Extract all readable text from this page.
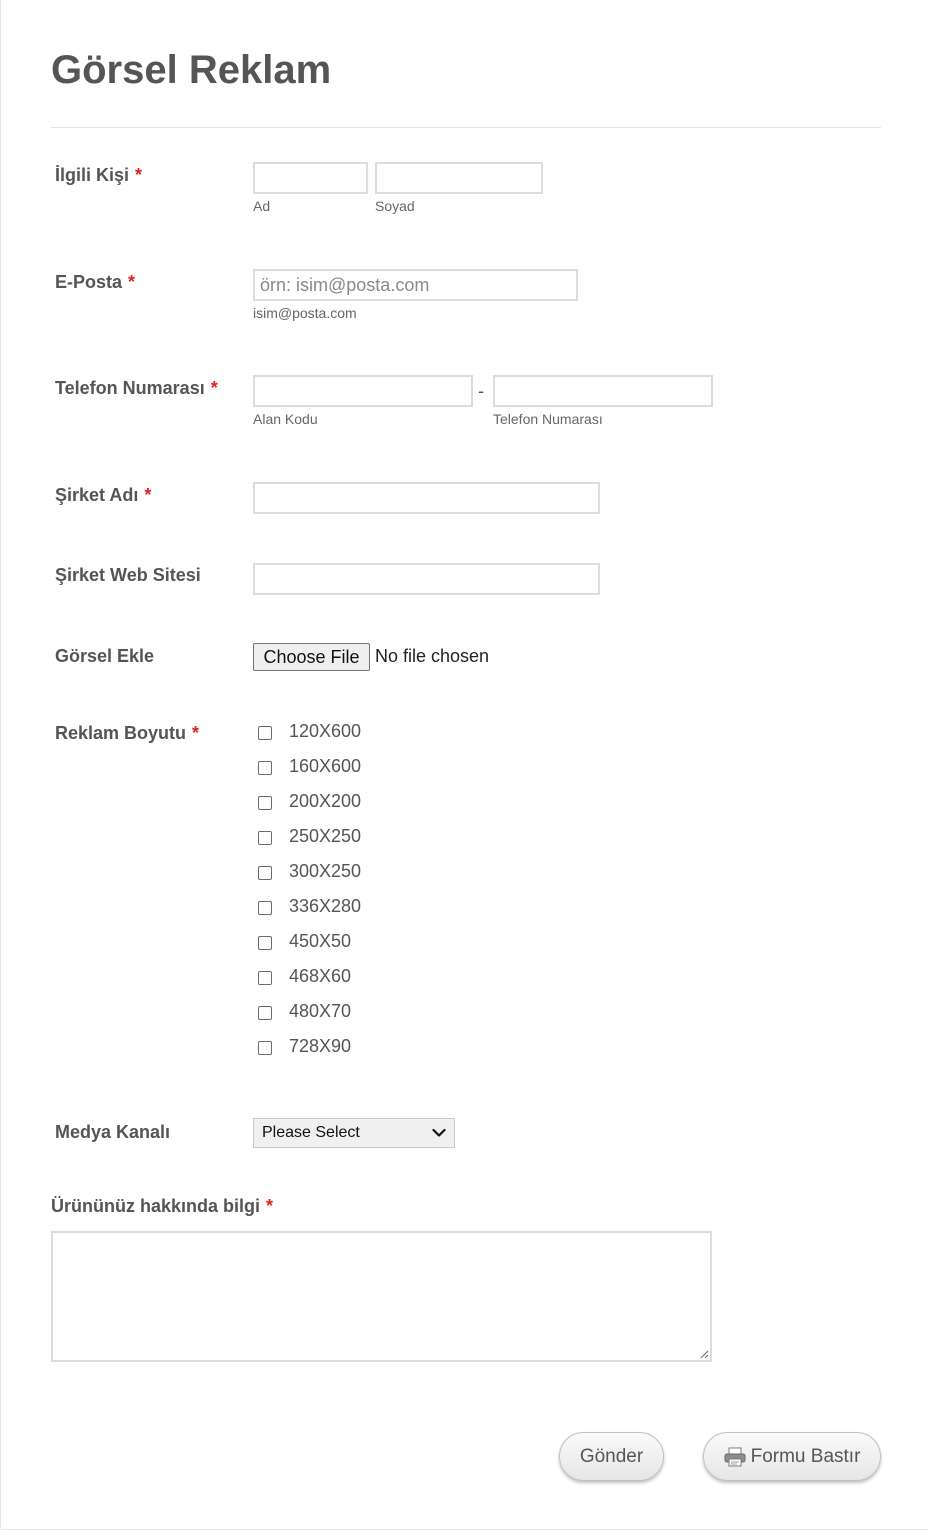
Görsel Reklam
İlgili Kişi *
Ad	Soyad
E-Posta *
örn: isim@posta.com
isim@posta.com
Telefon Numarası *	-
Alan Kodu	Telefon Numarası
Şirket Adı *
Şirket Web Sitesi
Görsel Ekle	Choose File No file chosen
Reklam Boyutu *	120X600
160X600
200X200
250X250
300X250
336X280
450X50
468X60
480X70
728X90
Medya Kanalı	Please Select
Ürününüz hakkında bilgi *
Gönder	Formu Bastır
